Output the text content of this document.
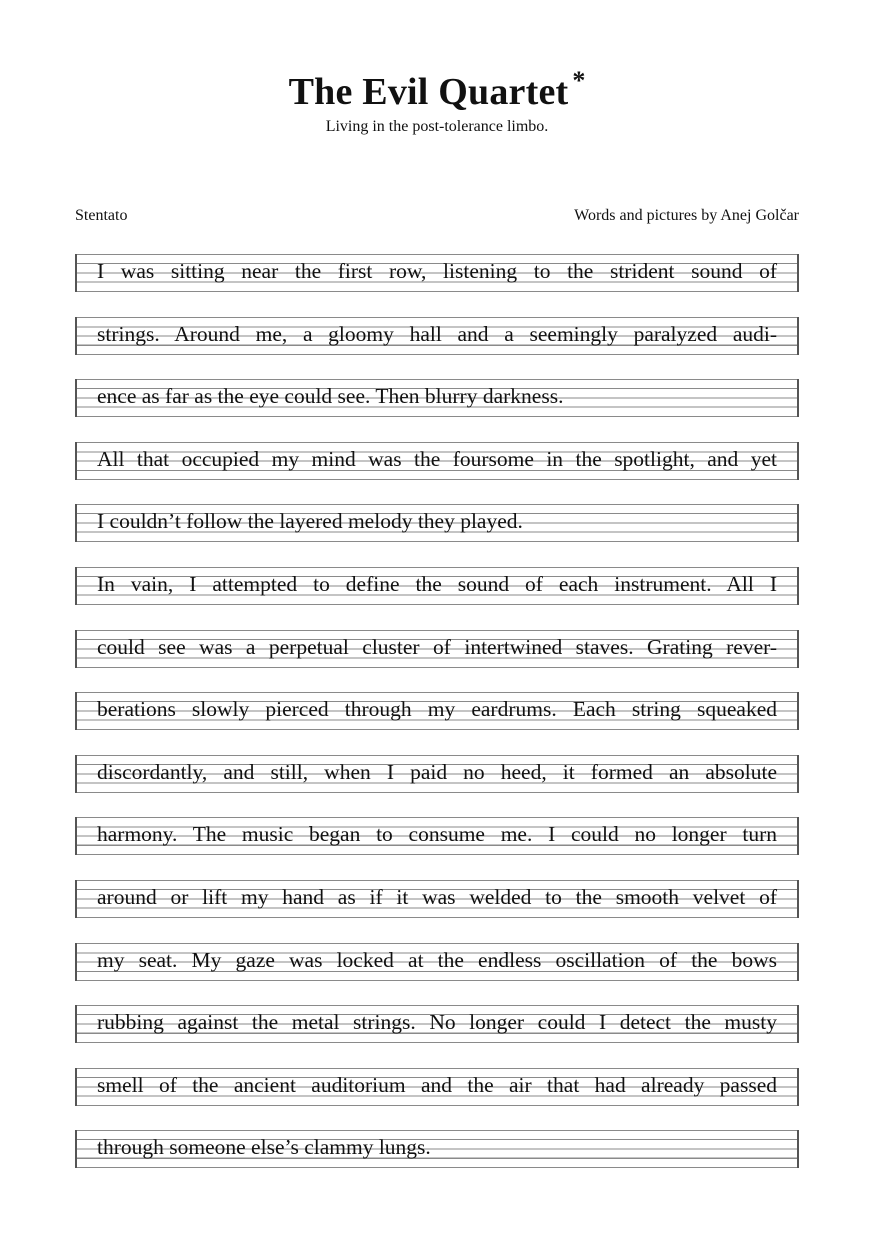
The Evil Quartet *
Living in the post-tolerance limbo.
Stentato	Words and pictures by Anej Golčar
I was sitting near the first row, listening to the strident sound of
strings. Around me, a gloomy hall and a seemingly paralyzed audi-
ence as far as the eye could see. Then blurry darkness.
All that occupied my mind was the foursome in the spotlight, and yet
I couldn’t follow the layered melody they played.
In vain, I attempted to define the sound of each instrument. All I
could see was a perpetual cluster of intertwined staves. Grating rever-
berations slowly pierced through my eardrums. Each string squeaked
discordantly, and still, when I paid no heed, it formed an absolute
harmony. The music began to consume me. I could no longer turn
around or lift my hand as if it was welded to the smooth velvet of
my seat. My gaze was locked at the endless oscillation of the bows
rubbing against the metal strings. No longer could I detect the musty
smell of the ancient auditorium and the air that had already passed
through someone else’s clammy lungs.
